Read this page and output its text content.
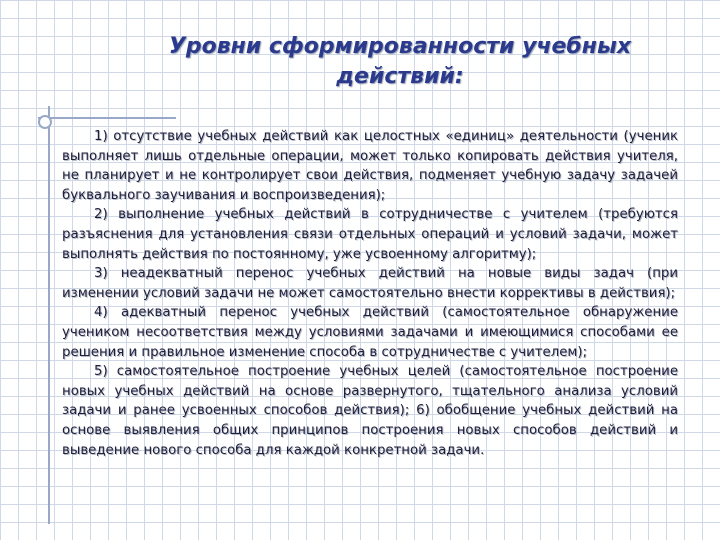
Уровни сформированности учебных
действий:

1) отсутствие учебных действий как целостных «единиц» деятельности (ученик выполняет лишь отдельные операции, может только копировать действия учителя, не планирует и не контролирует свои действия, подменяет учебную задачу задачей буквального заучивания и воспроизведения);

2) выполнение учебных действий в сотрудничестве с учителем (требуются разъяснения для установления связи отдельных операций и условий задачи, может выполнять действия по постоянному, уже усвоенному алгоритму);

3) неадекватный перенос учебных действий на новые виды задач (при изменении условий задачи не может самостоятельно внести коррективы в действия);

4) адекватный перенос учебных действий (самостоятельное обнаружение учеником несоответствия между условиями задачами и имеющимися способами ее решения и правильное изменение способа в сотрудничестве с учителем);

5) самостоятельное построение учебных целей (самостоятельное построение новых учебных действий на основе развернутого, тщательного анализа условий задачи и ранее усвоенных способов действия); 6) обобщение учебных действий на основе выявления общих принципов построения новых способов действий и выведение нового способа для каждой конкретной задачи.
